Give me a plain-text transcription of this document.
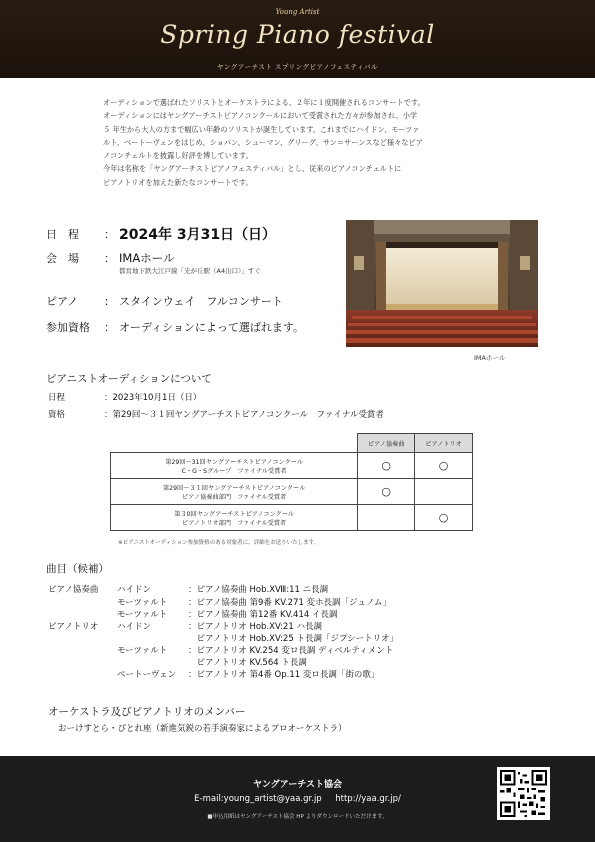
Young Artist
Spring Piano festival
ヤングアーチスト スプリングピアノフェスティバル
オーディションで選ばれたソリストとオーケストラによる、２年に１度開催されるコンサートです。
オーディションにはヤングアーチストピアノコンクールにおいて受賞された方々が参加され、小学
５ 年生から大人の方まで幅広い年齢のソリストが誕生しています。これまでにハイドン、モーツァ
ルト、ベートーヴェンをはじめ、ショパン、シューマン、グリーグ、サン＝サーンスなど様々なピア
ノコンチェルトを披露し好評を博しています。
今年は名称を「ヤングアーチストピアノフェスティバル」とし、従来のピアノコンチェルトに
ピアノトリオを加えた新たなコンサートです。
日　程	： 2024年 3月31日（日）
会　場	： IMAホール
都営地下鉄大江戸線「光が丘駅（A4出口）」すぐ
ピアノ	： スタインウェイ　フルコンサート
参加資格	： オーディションによって選ばれます。
IMAホール
ピアニストオーディションについて
日程	：2023年10月1日（日）
資格	：第29回～３１回ヤングアーチストピアノコンクール　ファイナル受賞者
	ピアノ協奏曲	ピアノトリオ

第29回～31回ヤングアーチストピアノコンクール
C・G・Sグループ　ファイナル受賞者	○	○

第29回～３１回ヤングアーチストピアノコンクール
ピアノ協奏曲部門　ファイナル受賞者	○	

第３0回ヤングアーチストピアノコンクール
ピアノトリオ部門　ファイナル受賞者		○
※ピアニストオーディション参加資格のある対象者に、詳細をお送りいたします。
曲目（候補）
ピアノ協奏曲 ハイドン	：ピアノ協奏曲 Hob.XⅧ:11 ニ長調
モーツァルト ：ピアノ協奏曲 第9番 KV.271 変ホ長調「ジュノム」
モーツァルト ：ピアノ協奏曲 第12番 KV.414 イ長調
ピアノトリオ ハイドン	：ピアノトリオ Hob.XV:21 ハ長調
　ピアノトリオ Hob.XV:25 ト長調「ジプシートリオ」
モーツァルト ：ピアノトリオ KV.254 変ロ長調 ディベルティメント
　ピアノトリオ KV.564 ト長調
ベートーヴェン ：ピアノトリオ 第4番 Op.11 変ロ長調「街の歌」
オーケストラ及びピアノトリオのメンバー
おーけすとら・ぴとれ座（新進気鋭の若手演奏家によるプロオーケストラ）
ヤングアーチスト協会
E-mail:young_artist@yaa.gr.jp http://yaa.gr.jp/
■申込用紙はヤングアーチスト協会 HP よりダウンロードいただけます。
